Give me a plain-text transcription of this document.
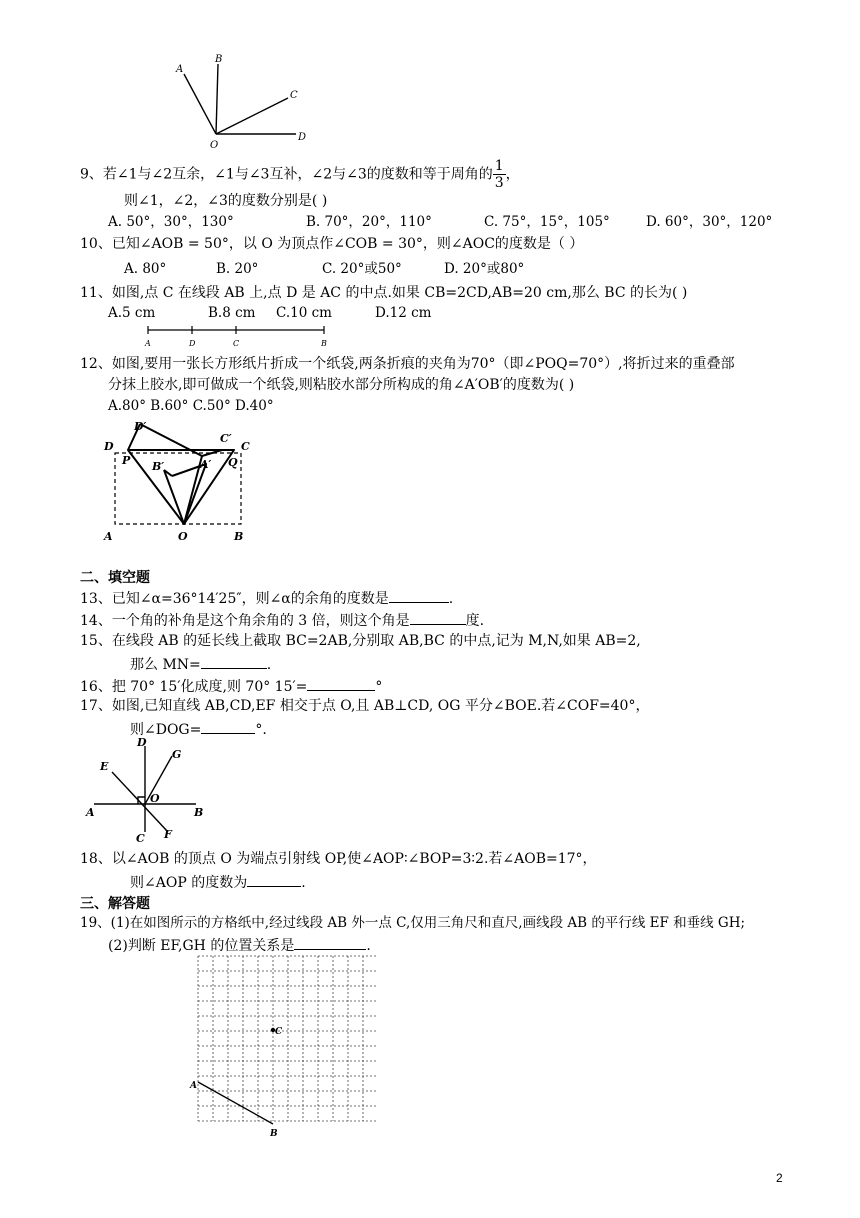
A
B
C
D
O
9、若∠1与∠2互余，∠1与∠3互补，∠2与∠3的度数和等于周角的 $\frac{1}{3}$ ，
则∠1，∠2，∠3的度数分别是( )
A. 50°，30°，130°	B. 70°，20°，110°	C. 75°，15°，105°	D. 60°，30°，120°
10、已知∠AOB = 50°，以 O 为顶点作∠COB = 30°，则∠AOC的度数是（ ）
A. 80°	B. 20°	C. 20°或50°	D. 20°或80°
11、如图,点 C 在线段 AB 上,点 D 是 AC 的中点.如果 CB=2CD,AB=20 cm,那么 BC 的长为( )
A.5 cm	B.8 cm C.10 cm	D.12 cm
A	D	C	B
12、如图,要用一张长方形纸片折成一个纸袋,两条折痕的夹角为70°（即∠POQ=70°）,将折过来的重叠部
分抹上胶水,即可做成一个纸袋,则粘胶水部分所构成的角∠A′OB′的度数为( )
A.80° B.60° C.50° D.40°
D′
C′
D
P
C
Q
B′	A′
A	O	B
二、填空题
13、已知∠α=36°14′25″，则∠α的余角的度数是	.
14、一个角的补角是这个角余角的 3 倍，则这个角是	度.
15、在线段 AB 的延长线上截取 BC=2AB,分别取 AB,BC 的中点,记为 M,N,如果 AB=2,
那么 MN=	.
16、把 70° 15′化成度,则 70° 15′=	°
17、如图,已知直线 AB,CD,EF 相交于点 O,且 AB⊥CD, OG 平分∠BOE.若∠COF=40°，
则∠DOG=	°.
D
E
G
A
O
B
C F
18、以∠AOB 的顶点 O 为端点引射线 OP,使∠AOP∶∠BOP=3∶2.若∠AOB=17°，
则∠AOP 的度数为	.
三、解答题
19、(1)在如图所示的方格纸中,经过线段 AB 外一点 C,仅用三角尺和直尺,画线段 AB 的平行线 EF 和垂线 GH;
(2)判断 EF,GH 的位置关系是	.
C
A
B
2
